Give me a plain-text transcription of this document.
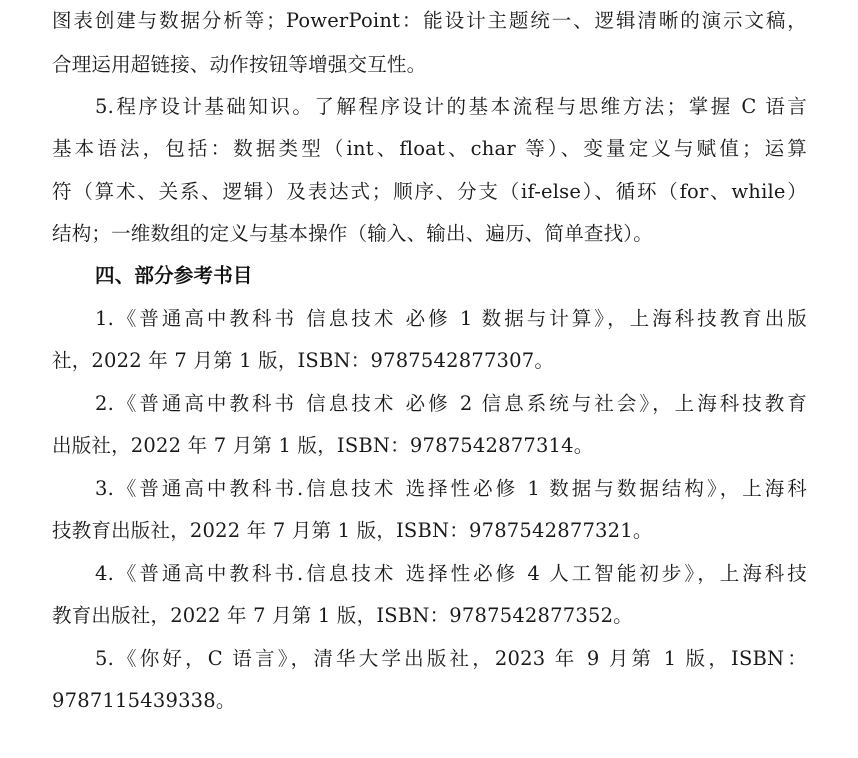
图表创建与数据分析等；PowerPoint：能设计主题统一、逻辑清晰的演示文稿，
合理运用超链接、动作按钮等增强交互性。
5.程序设计基础知识。了解程序设计的基本流程与思维方法；掌握 C 语言
基本语法，包括：数据类型（int、float、char 等）、变量定义与赋值；运算
符（算术、关系、逻辑）及表达式；顺序、分支（if-else）、循环（for、while）
结构；一维数组的定义与基本操作（输入、输出、遍历、简单查找）。
四、部分参考书目
1.《普通高中教科书 信息技术 必修 1 数据与计算》，上海科技教育出版
社，2022 年 7 月第 1 版，ISBN：9787542877307。
2.《普通高中教科书 信息技术 必修 2 信息系统与社会》，上海科技教育
出版社，2022 年 7 月第 1 版，ISBN：9787542877314。
3.《普通高中教科书.信息技术 选择性必修 1 数据与数据结构》，上海科
技教育出版社，2022 年 7 月第 1 版，ISBN：9787542877321。
4.《普通高中教科书.信息技术 选择性必修 4 人工智能初步》，上海科技
教育出版社，2022 年 7 月第 1 版，ISBN：9787542877352。
5.《你好，C 语言》，清华大学出版社，2023 年 9 月第 1 版，ISBN：
9787115439338。
